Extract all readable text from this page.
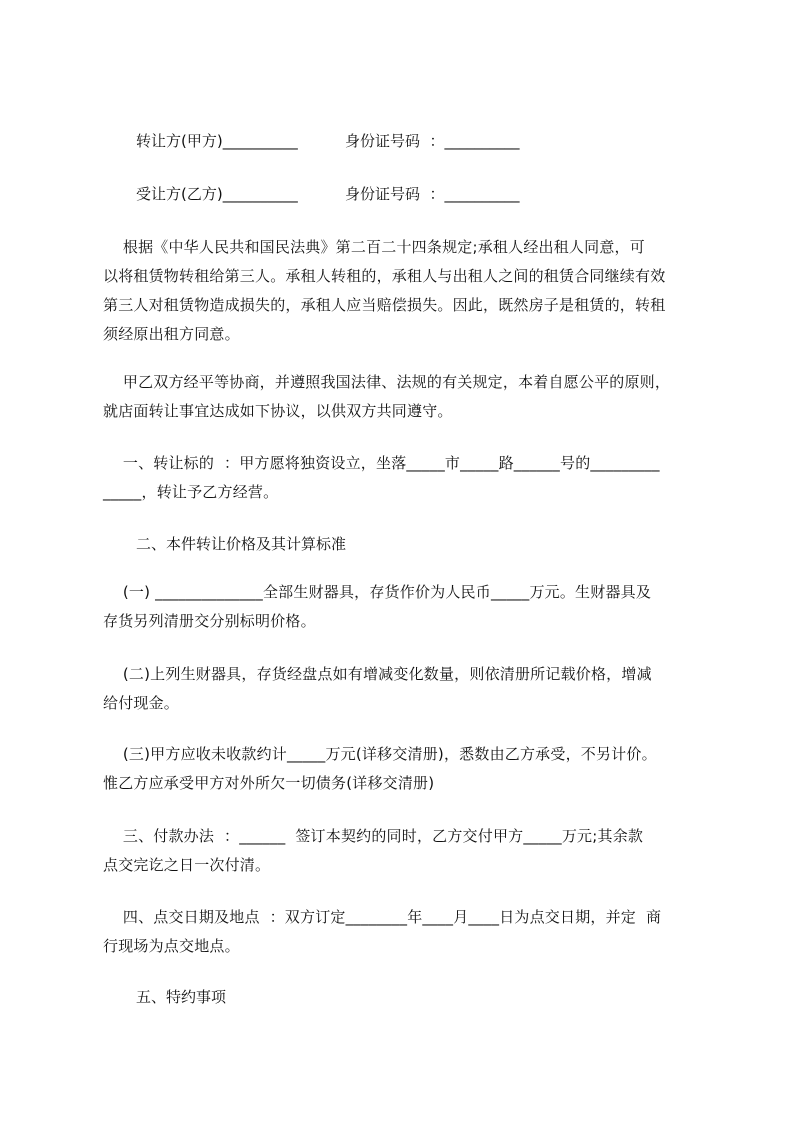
转让方(甲方)__________	身份证号码  ：__________
受让方(乙方)__________	身份证号码  ：__________
根据《中华人民共和国民法典》第二百二十四条规定;承租人经出租人同意，可
以将租赁物转租给第三人。承租人转租的，承租人与出租人之间的租赁合同继续有效
第三人对租赁物造成损失的，承租人应当赔偿损失。因此，既然房子是租赁的，转租
须经原出租方同意。
甲乙双方经平等协商，并遵照我国法律、法规的有关规定，本着自愿公平的原则，
就店面转让事宜达成如下协议，以供双方共同遵守。
一、转让标的  ：甲方愿将独资设立，坐落_____市_____路______号的_________
_____，转让予乙方经营。
二、本件转让价格及其计算标准
(一) ______________全部生财器具，存货作价为人民币_____万元。生财器具及
存货另列清册交分别标明价格。
(二)上列生财器具，存货经盘点如有增减变化数量，则依清册所记载价格，增减
给付现金。
(三)甲方应收未收款约计_____万元(详移交清册)，悉数由乙方承受，不另计价。
惟乙方应承受甲方对外所欠一切债务(详移交清册)
三、付款办法  ：______  签订本契约的同时，乙方交付甲方_____万元;其余款
点交完讫之日一次付清。
四、点交日期及地点  ：双方订定________年____月____日为点交日期，并定  商
行现场为点交地点。
五、特约事项
